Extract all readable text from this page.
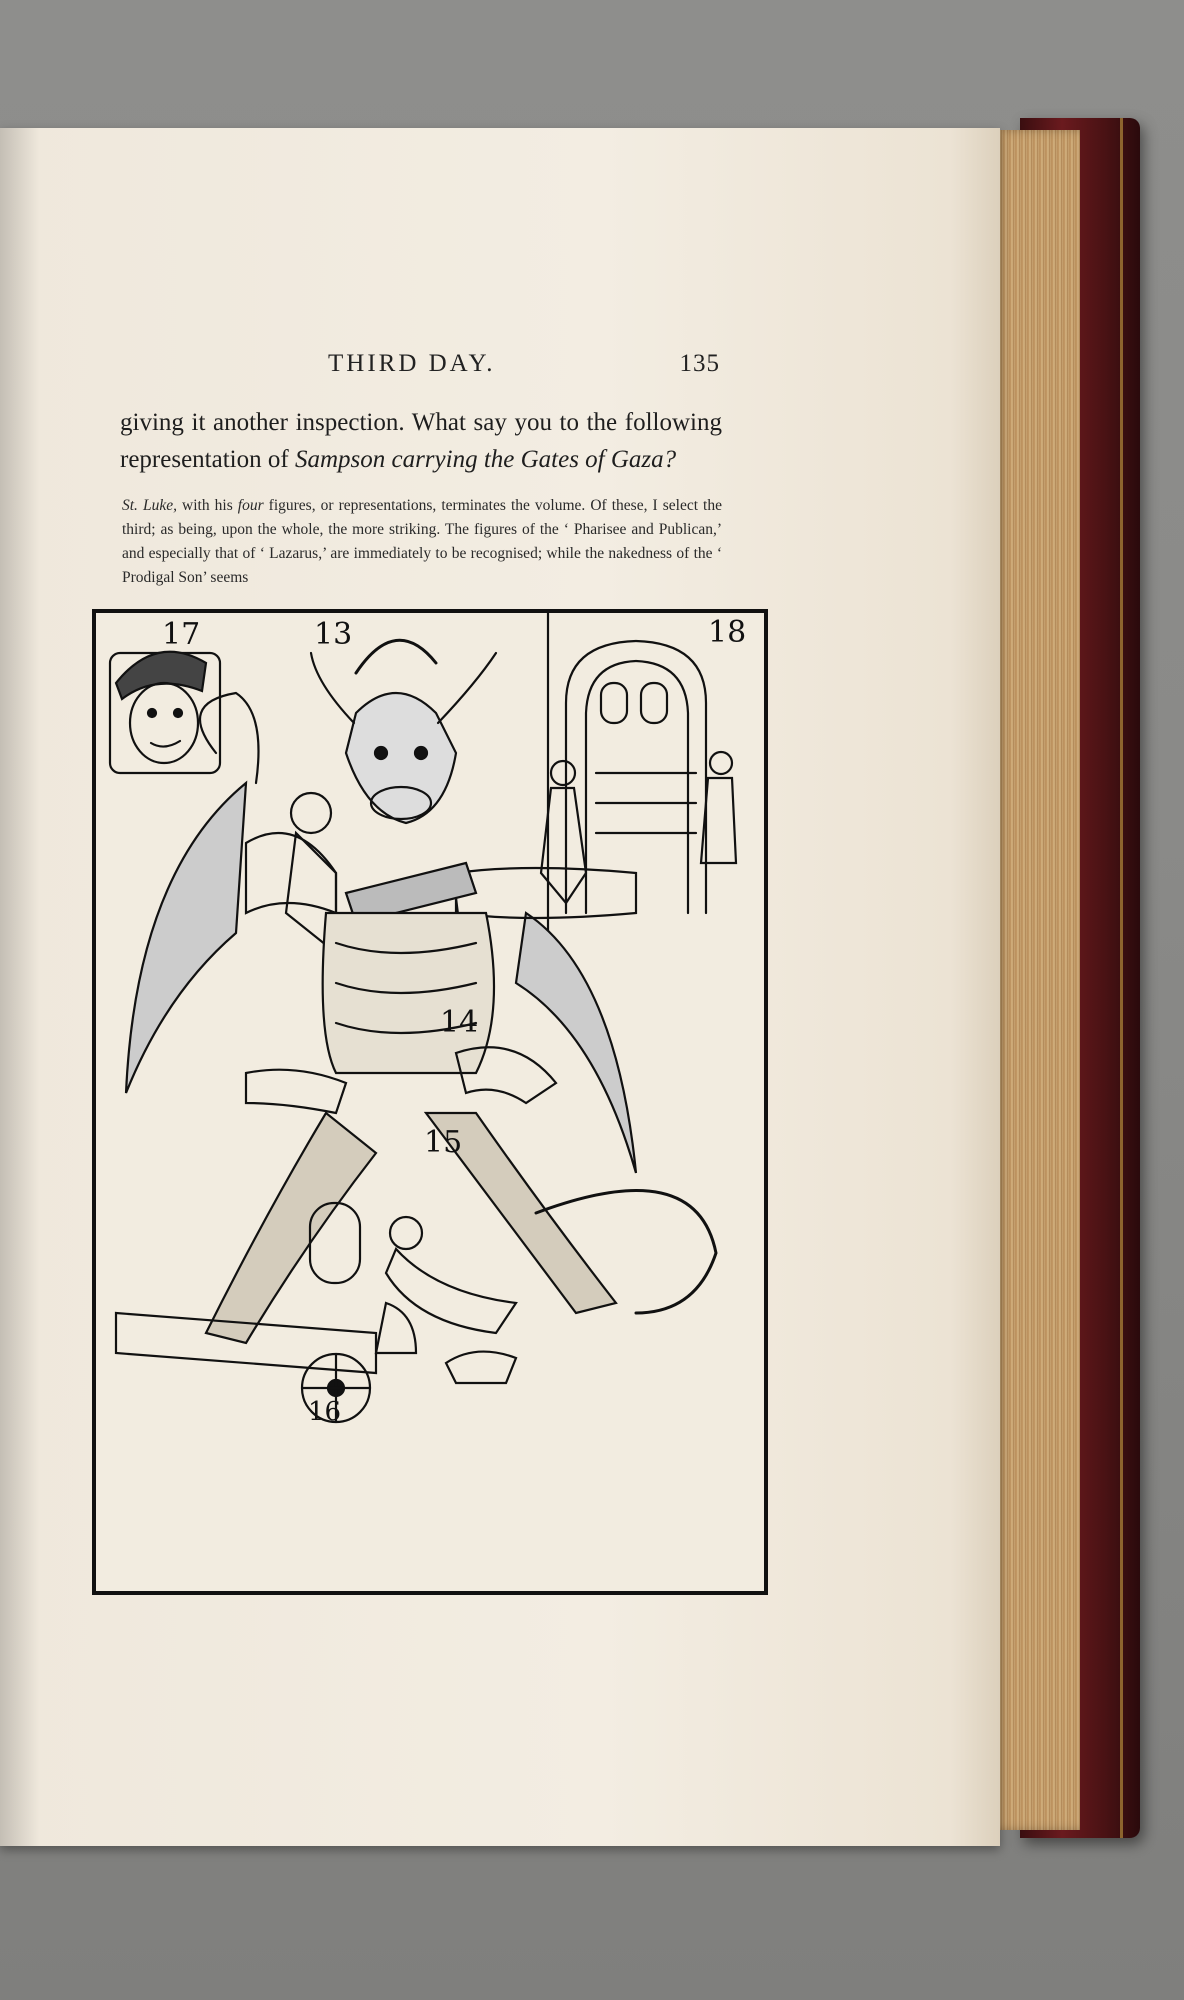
THIRD DAY.	135
giving it another inspection. What say you to the following representation of Sampson carrying the Gates of Gaza?
St. Luke, with his four figures, or representations, terminates the volume. Of these, I select the third; as being, upon the whole, the more striking. The figures of the ‘ Pharisee and Publican,’ and especially that of ‘ Lazarus,’ are immediately to be recognised; while the nakedness of the ‘ Prodigal Son’ seems
17	13	18
14
15
16
